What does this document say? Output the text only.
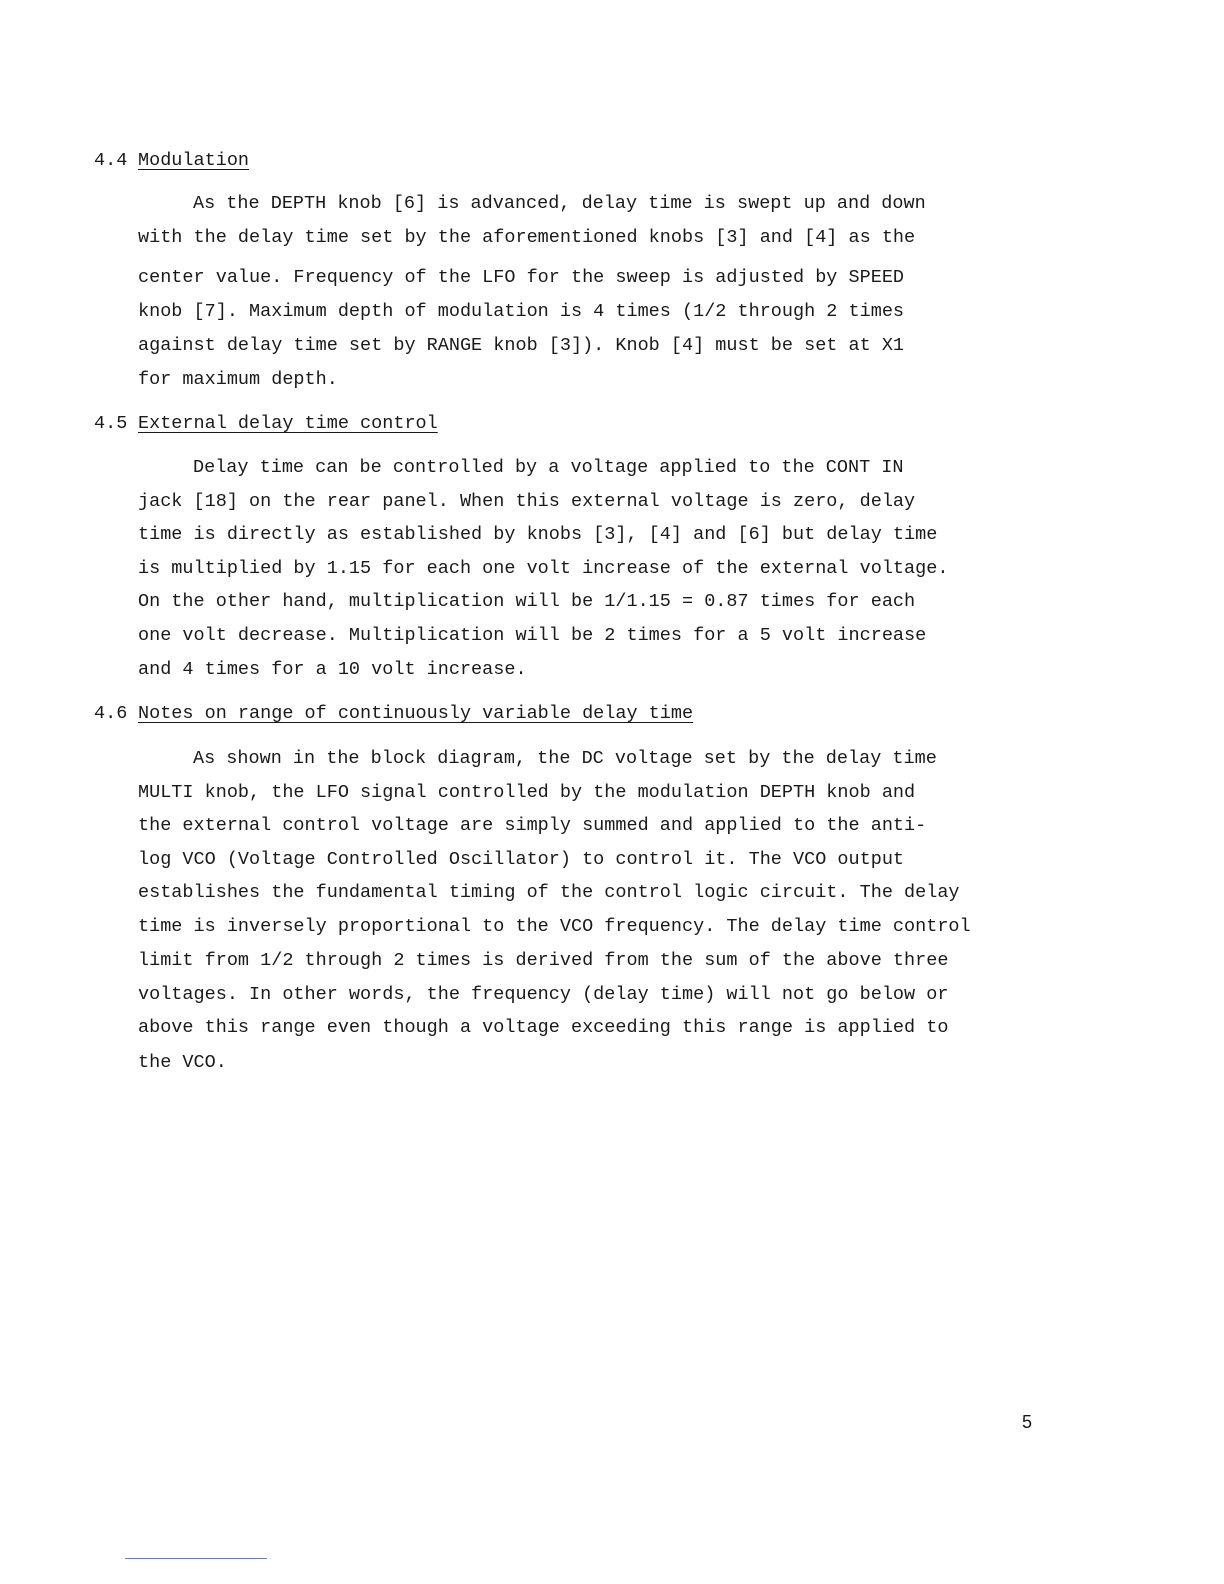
4.4 Modulation
As the DEPTH knob [6] is advanced, delay time is swept up and down
with the delay time set by the aforementioned knobs [3] and [4] as the
center value. Frequency of the LFO for the sweep is adjusted by SPEED
knob [7]. Maximum depth of modulation is 4 times (1/2 through 2 times
against delay time set by RANGE knob [3]). Knob [4] must be set at X1
for maximum depth.
4.5 External delay time control
Delay time can be controlled by a voltage applied to the CONT IN
jack [18] on the rear panel. When this external voltage is zero, delay
time is directly as established by knobs [3], [4] and [6] but delay time
is multiplied by 1.15 for each one volt increase of the external voltage.
On the other hand, multiplication will be 1/1.15 = 0.87 times for each
one volt decrease. Multiplication will be 2 times for a 5 volt increase
and 4 times for a 10 volt increase.
4.6 Notes on range of continuously variable delay time
As shown in the block diagram, the DC voltage set by the delay time
MULTI knob, the LFO signal controlled by the modulation DEPTH knob and
the external control voltage are simply summed and applied to the anti-
log VCO (Voltage Controlled Oscillator) to control it. The VCO output
establishes the fundamental timing of the control logic circuit. The delay
time is inversely proportional to the VCO frequency. The delay time control
limit from 1/2 through 2 times is derived from the sum of the above three
voltages. In other words, the frequency (delay time) will not go below or
above this range even though a voltage exceeding this range is applied to
the VCO.
5
